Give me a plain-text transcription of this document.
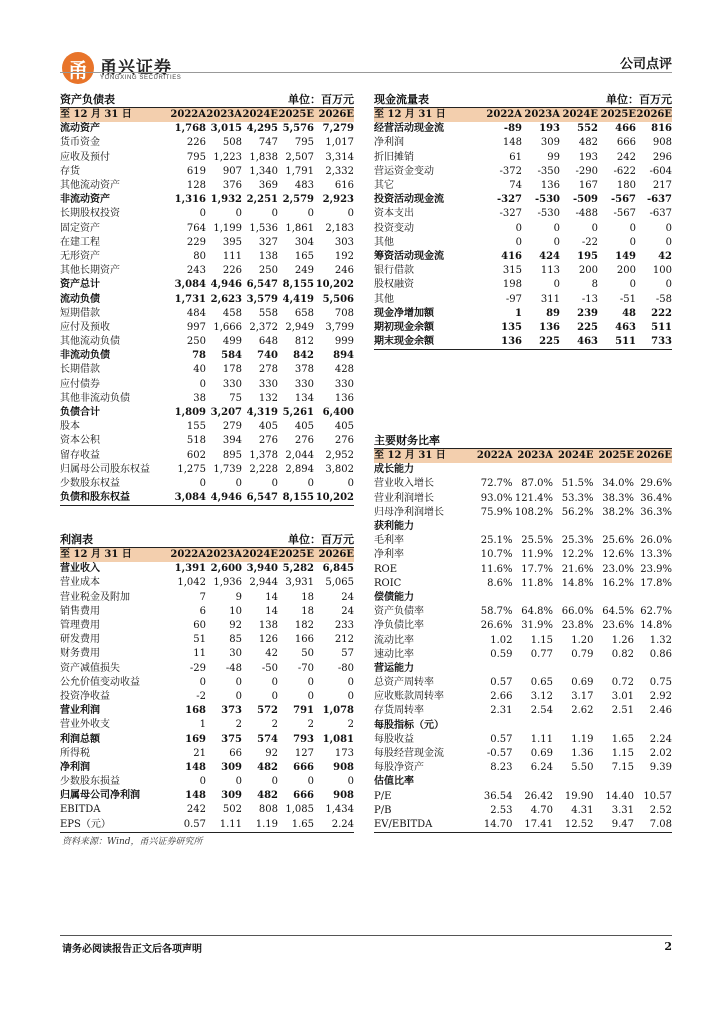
甬 甬兴证券
YONGXING SECURITIES
公司点评
资产负债表	单位：百万元
至 12 月 31 日	2022A	2023A	2024E	2025E	2026E
流动资产	1,768	3,015	4,295	5,576	7,279
货币资金	226	508	747	795	1,017
应收及预付	795	1,223	1,838	2,507	3,314
存货	619	907	1,340	1,791	2,332
其他流动资产	128	376	369	483	616
非流动资产	1,316	1,932	2,251	2,579	2,923
长期股权投资	0	0	0	0	0
固定资产	764	1,199	1,536	1,861	2,183
在建工程	229	395	327	304	303
无形资产	80	111	138	165	192
其他长期资产	243	226	250	249	246
资产总计	3,084	4,946	6,547	8,155	10,202
流动负债	1,731	2,623	3,579	4,419	5,506
短期借款	484	458	558	658	708
应付及预收	997	1,666	2,372	2,949	3,799
其他流动负债	250	499	648	812	999
非流动负债	78	584	740	842	894
长期借款	40	178	278	378	428
应付债券	0	330	330	330	330
其他非流动负债	38	75	132	134	136
负债合计	1,809	3,207	4,319	5,261	6,400
股本	155	279	405	405	405
资本公积	518	394	276	276	276
留存收益	602	895	1,378	2,044	2,952
归属母公司股东权益	1,275	1,739	2,228	2,894	3,802
少数股东权益	0	0	0	0	0
负债和股东权益	3,084	4,946	6,547	8,155	10,202
现金流量表	单位：百万元
至 12 月 31 日	2022A	2023A	2024E	2025E	2026E
经营活动现金流	-89	193	552	466	816
净利润	148	309	482	666	908
折旧摊销	61	99	193	242	296
营运资金变动	-372	-350	-290	-622	-604
其它	74	136	167	180	217
投资活动现金流	-327	-530	-509	-567	-637
资本支出	-327	-530	-488	-567	-637
投资变动	0	0	0	0	0
其他	0	0	-22	0	0
筹资活动现金流	416	424	195	149	42
银行借款	315	113	200	200	100
股权融资	198	0	8	0	0
其他	-97	311	-13	-51	-58
现金净增加额	1	89	239	48	222
期初现金余额	135	136	225	463	511
期末现金余额	136	225	463	511	733
利润表	单位：百万元
至 12 月 31 日	2022A	2023A	2024E	2025E	2026E
营业收入	1,391	2,600	3,940	5,282	6,845
营业成本	1,042	1,936	2,944	3,931	5,065
营业税金及附加	7	9	14	18	24
销售费用	6	10	14	18	24
管理费用	60	92	138	182	233
研发费用	51	85	126	166	212
财务费用	11	30	42	50	57
资产减值损失	-29	-48	-50	-70	-80
公允价值变动收益	0	0	0	0	0
投资净收益	-2	0	0	0	0
营业利润	168	373	572	791	1,078
营业外收支	1	2	2	2	2
利润总额	169	375	574	793	1,081
所得税	21	66	92	127	173
净利润	148	309	482	666	908
少数股东损益	0	0	0	0	0
归属母公司净利润	148	309	482	666	908
EBITDA	242	502	808	1,085	1,434
EPS（元）	0.57	1.11	1.19	1.65	2.24
主要财务比率
至 12 月 31 日	2022A	2023A	2024E	2025E	2026E
成长能力					
营业收入增长	72.7%	87.0%	51.5%	34.0%	29.6%
营业利润增长	93.0%	121.4%	53.3%	38.3%	36.4%
归母净利润增长	75.9%	108.2%	56.2%	38.2%	36.3%
获利能力					
毛利率	25.1%	25.5%	25.3%	25.6%	26.0%
净利率	10.7%	11.9%	12.2%	12.6%	13.3%
ROE	11.6%	17.7%	21.6%	23.0%	23.9%
ROIC	8.6%	11.8%	14.8%	16.2%	17.8%
偿债能力					
资产负债率	58.7%	64.8%	66.0%	64.5%	62.7%
净负债比率	26.6%	31.9%	23.8%	23.6%	14.8%
流动比率	1.02	1.15	1.20	1.26	1.32
速动比率	0.59	0.77	0.79	0.82	0.86
营运能力					
总资产周转率	0.57	0.65	0.69	0.72	0.75
应收账款周转率	2.66	3.12	3.17	3.01	2.92
存货周转率	2.31	2.54	2.62	2.51	2.46
每股指标（元）					
每股收益	0.57	1.11	1.19	1.65	2.24
每股经营现金流	-0.57	0.69	1.36	1.15	2.02
每股净资产	8.23	6.24	5.50	7.15	9.39
估值比率					
P/E	36.54	26.42	19.90	14.40	10.57
P/B	2.53	4.70	4.31	3.31	2.52
EV/EBITDA	14.70	17.41	12.52	9.47	7.08
资料来源：Wind，甬兴证券研究所
请务必阅读报告正文后各项声明	2
